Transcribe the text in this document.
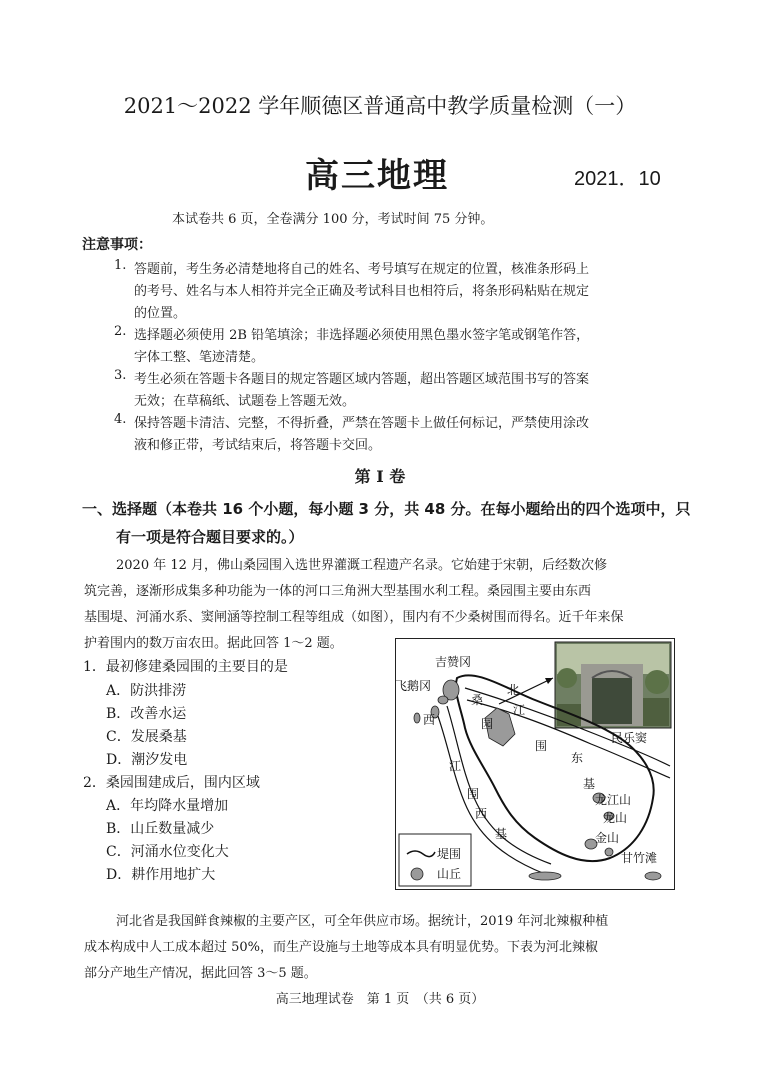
2021～2022 学年顺德区普通高中教学质量检测（一）
高三地理	2021．10
本试卷共 6 页，全卷满分 100 分，考试时间 75 分钟。
注意事项：
1. 答题前，考生务必清楚地将自己的姓名、考号填写在规定的位置，核准条形码上
的考号、姓名与本人相符并完全正确及考试科目也相符后，将条形码粘贴在规定
的位置。
2. 选择题必须使用 2B 铅笔填涂；非选择题必须使用黑色墨水签字笔或钢笔作答，
字体工整、笔迹清楚。
3. 考生必须在答题卡各题目的规定答题区域内答题，超出答题区域范围书写的答案
无效；在草稿纸、试题卷上答题无效。
4. 保持答题卡清洁、完整，不得折叠，严禁在答题卡上做任何标记，严禁使用涂改
液和修正带，考试结束后，将答题卡交回。
第 I 卷
一、选择题（本卷共 16 个小题，每小题 3 分，共 48 分。在每小题给出的四个选项中，只
有一项是符合题目要求的。）
2020 年 12 月，佛山桑园围入选世界灌溉工程遗产名录。它始建于宋朝，后经数次修
筑完善，逐渐形成集多种功能为一体的河口三角洲大型基围水利工程。桑园围主要由东西
基围堤、河涌水系、窦闸涵等控制工程等组成（如图），围内有不少桑树围而得名。近千年来保
护着围内的数万亩农田。据此回答 1～2 题。
1．最初修建桑园围的主要目的是
A．防洪排涝
B．改善水运
C．发展桑基
D．潮汐发电
2．桑园围建成后，围内区域
A．年均降水量增加
B．山丘数量减少
C．河涌水位变化大
D．耕作用地扩大
吉赞冈
飞鹅冈
西
桑
北
江
园
围
东
基
民乐窦
龙江山
龙山
江
围
西
基	金山
甘竹滩
堤围
山丘
河北省是我国鲜食辣椒的主要产区，可全年供应市场。据统计，2019 年河北辣椒种植
成本构成中人工成本超过 50%，而生产设施与土地等成本具有明显优势。下表为河北辣椒
部分产地生产情况，据此回答 3～5 题。
高三地理试卷　第 1 页　（共 6 页）
